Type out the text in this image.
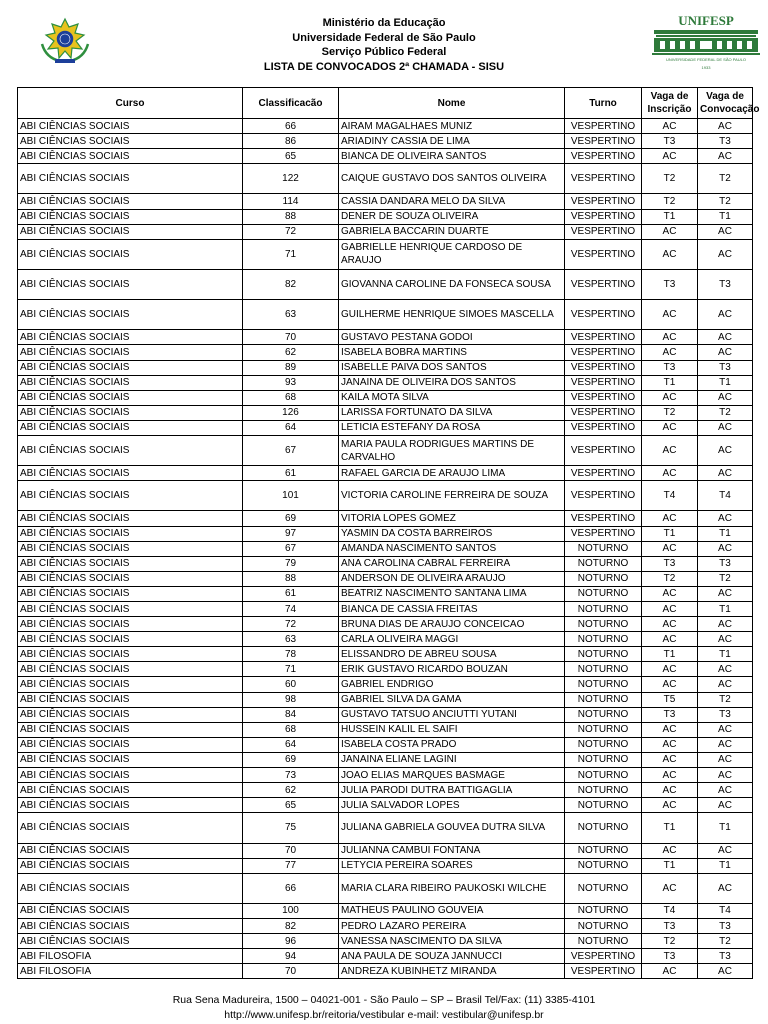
Ministério da Educação
Universidade Federal de São Paulo
Serviço Público Federal
LISTA DE CONVOCADOS 2ª CHAMADA - SISU
UNIFESP
UNIVERSIDADE FEDERAL DE SÃO PAULO
1933
Curso	Classificacão	Nome	Turno	Vaga de Inscrição	Vaga de Convocação
ABI CIÊNCIAS SOCIAIS	66	AIRAM MAGALHAES MUNIZ	VESPERTINO	AC	AC
ABI CIÊNCIAS SOCIAIS	86	ARIADINY CASSIA DE LIMA	VESPERTINO	T3	T3
ABI CIÊNCIAS SOCIAIS	65	BIANCA DE OLIVEIRA SANTOS	VESPERTINO	AC	AC
ABI CIÊNCIAS SOCIAIS	122	CAIQUE GUSTAVO DOS SANTOS OLIVEIRA	VESPERTINO	T2	T2
ABI CIÊNCIAS SOCIAIS	114	CASSIA DANDARA MELO DA SILVA	VESPERTINO	T2	T2
ABI CIÊNCIAS SOCIAIS	88	DENER DE SOUZA OLIVEIRA	VESPERTINO	T1	T1
ABI CIÊNCIAS SOCIAIS	72	GABRIELA BACCARIN DUARTE	VESPERTINO	AC	AC
ABI CIÊNCIAS SOCIAIS	71	GABRIELLE HENRIQUE CARDOSO DE ARAUJO	VESPERTINO	AC	AC
ABI CIÊNCIAS SOCIAIS	82	GIOVANNA CAROLINE DA FONSECA SOUSA	VESPERTINO	T3	T3
ABI CIÊNCIAS SOCIAIS	63	GUILHERME HENRIQUE SIMOES MASCELLA	VESPERTINO	AC	AC
ABI CIÊNCIAS SOCIAIS	70	GUSTAVO PESTANA GODOI	VESPERTINO	AC	AC
ABI CIÊNCIAS SOCIAIS	62	ISABELA BOBRA MARTINS	VESPERTINO	AC	AC
ABI CIÊNCIAS SOCIAIS	89	ISABELLE PAIVA DOS SANTOS	VESPERTINO	T3	T3
ABI CIÊNCIAS SOCIAIS	93	JANAINA DE OLIVEIRA DOS SANTOS	VESPERTINO	T1	T1
ABI CIÊNCIAS SOCIAIS	68	KAILA MOTA SILVA	VESPERTINO	AC	AC
ABI CIÊNCIAS SOCIAIS	126	LARISSA FORTUNATO DA SILVA	VESPERTINO	T2	T2
ABI CIÊNCIAS SOCIAIS	64	LETICIA ESTEFANY DA ROSA	VESPERTINO	AC	AC
ABI CIÊNCIAS SOCIAIS	67	MARIA PAULA RODRIGUES MARTINS DE CARVALHO	VESPERTINO	AC	AC
ABI CIÊNCIAS SOCIAIS	61	RAFAEL GARCIA DE ARAUJO LIMA	VESPERTINO	AC	AC
ABI CIÊNCIAS SOCIAIS	101	VICTORIA CAROLINE FERREIRA DE SOUZA	VESPERTINO	T4	T4
ABI CIÊNCIAS SOCIAIS	69	VITORIA LOPES GOMEZ	VESPERTINO	AC	AC
ABI CIÊNCIAS SOCIAIS	97	YASMIN DA COSTA BARREIROS	VESPERTINO	T1	T1
ABI CIÊNCIAS SOCIAIS	67	AMANDA NASCIMENTO SANTOS	NOTURNO	AC	AC
ABI CIÊNCIAS SOCIAIS	79	ANA CAROLINA CABRAL FERREIRA	NOTURNO	T3	T3
ABI CIÊNCIAS SOCIAIS	88	ANDERSON DE OLIVEIRA ARAUJO	NOTURNO	T2	T2
ABI CIÊNCIAS SOCIAIS	61	BEATRIZ NASCIMENTO SANTANA LIMA	NOTURNO	AC	AC
ABI CIÊNCIAS SOCIAIS	74	BIANCA DE CASSIA FREITAS	NOTURNO	AC	T1
ABI CIÊNCIAS SOCIAIS	72	BRUNA DIAS DE ARAUJO CONCEICAO	NOTURNO	AC	AC
ABI CIÊNCIAS SOCIAIS	63	CARLA OLIVEIRA MAGGI	NOTURNO	AC	AC
ABI CIÊNCIAS SOCIAIS	78	ELISSANDRO DE ABREU SOUSA	NOTURNO	T1	T1
ABI CIÊNCIAS SOCIAIS	71	ERIK GUSTAVO RICARDO BOUZAN	NOTURNO	AC	AC
ABI CIÊNCIAS SOCIAIS	60	GABRIEL ENDRIGO	NOTURNO	AC	AC
ABI CIÊNCIAS SOCIAIS	98	GABRIEL SILVA DA GAMA	NOTURNO	T5	T2
ABI CIÊNCIAS SOCIAIS	84	GUSTAVO TATSUO ANCIUTTI YUTANI	NOTURNO	T3	T3
ABI CIÊNCIAS SOCIAIS	68	HUSSEIN KALIL EL SAIFI	NOTURNO	AC	AC
ABI CIÊNCIAS SOCIAIS	64	ISABELA COSTA PRADO	NOTURNO	AC	AC
ABI CIÊNCIAS SOCIAIS	69	JANAINA ELIANE LAGINI	NOTURNO	AC	AC
ABI CIÊNCIAS SOCIAIS	73	JOAO ELIAS MARQUES BASMAGE	NOTURNO	AC	AC
ABI CIÊNCIAS SOCIAIS	62	JULIA PARODI DUTRA BATTIGAGLIA	NOTURNO	AC	AC
ABI CIÊNCIAS SOCIAIS	65	JULIA SALVADOR LOPES	NOTURNO	AC	AC
ABI CIÊNCIAS SOCIAIS	75	JULIANA GABRIELA GOUVEA DUTRA SILVA	NOTURNO	T1	T1
ABI CIÊNCIAS SOCIAIS	70	JULIANNA CAMBUI FONTANA	NOTURNO	AC	AC
ABI CIÊNCIAS SOCIAIS	77	LETYCIA PEREIRA SOARES	NOTURNO	T1	T1
ABI CIÊNCIAS SOCIAIS	66	MARIA CLARA RIBEIRO PAUKOSKI WILCHE	NOTURNO	AC	AC
ABI CIÊNCIAS SOCIAIS	100	MATHEUS PAULINO GOUVEIA	NOTURNO	T4	T4
ABI CIÊNCIAS SOCIAIS	82	PEDRO LAZARO PEREIRA	NOTURNO	T3	T3
ABI CIÊNCIAS SOCIAIS	96	VANESSA NASCIMENTO DA SILVA	NOTURNO	T2	T2
ABI FILOSOFIA	94	ANA PAULA DE SOUZA JANNUCCI	VESPERTINO	T3	T3
ABI FILOSOFIA	70	ANDREZA KUBINHETZ MIRANDA	VESPERTINO	AC	AC
Rua Sena Madureira, 1500 – 04021-001 - São Paulo – SP – Brasil Tel/Fax: (11) 3385-4101
http://www.unifesp.br/reitoria/vestibular e-mail: vestibular@unifesp.br
